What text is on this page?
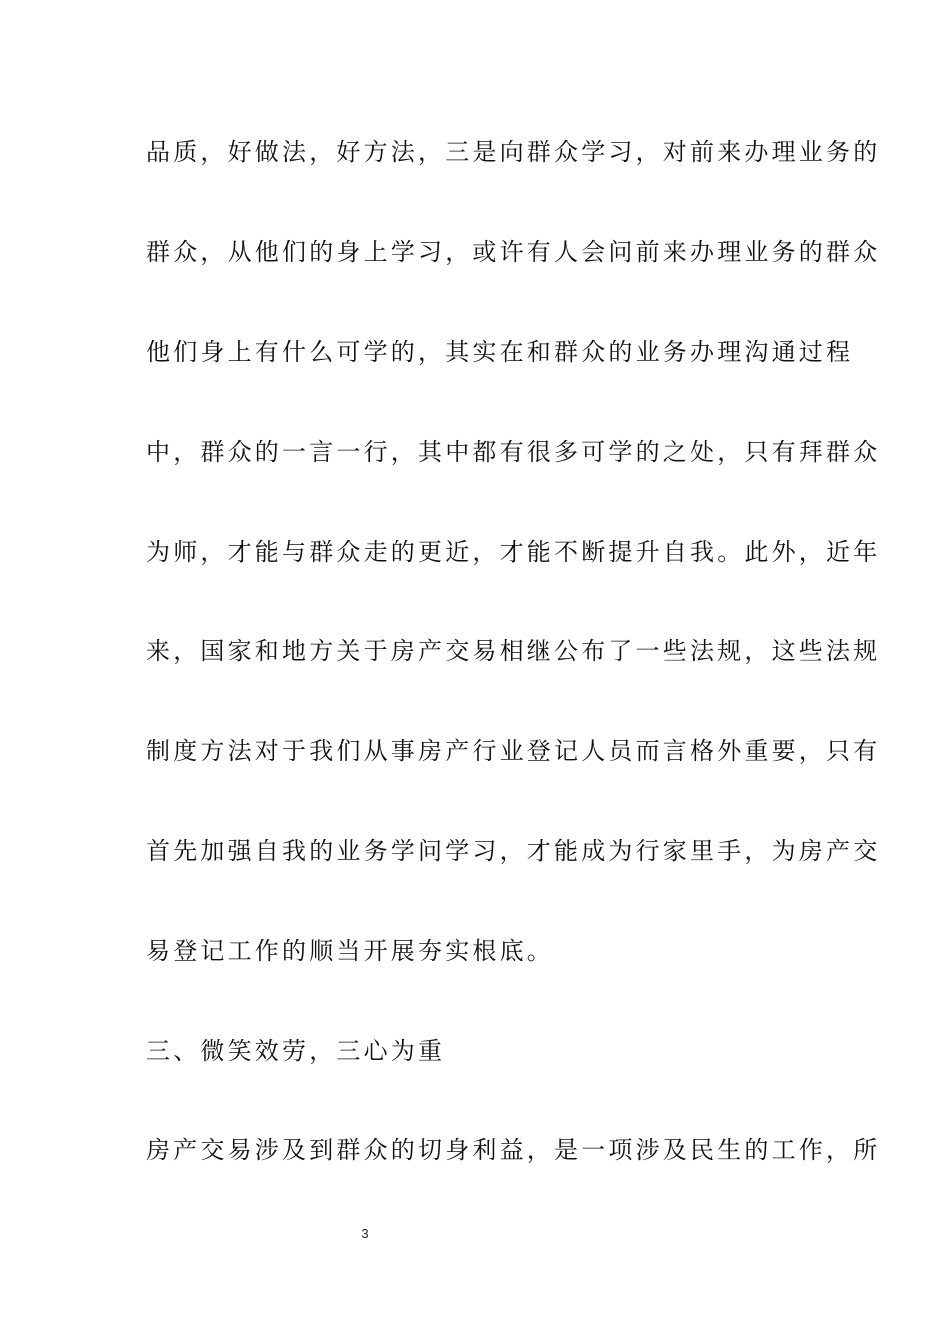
品质，好做法，好方法，三是向群众学习，对前来办理业务的
群众，从他们的身上学习，或许有人会问前来办理业务的群众
他们身上有什么可学的，其实在和群众的业务办理沟通过程
中，群众的一言一行，其中都有很多可学的之处，只有拜群众
为师，才能与群众走的更近，才能不断提升自我。此外，近年
来，国家和地方关于房产交易相继公布了一些法规，这些法规
制度方法对于我们从事房产行业登记人员而言格外重要，只有
首先加强自我的业务学问学习，才能成为行家里手，为房产交
易登记工作的顺当开展夯实根底。
三、微笑效劳，三心为重
房产交易涉及到群众的切身利益，是一项涉及民生的工作，所
3
